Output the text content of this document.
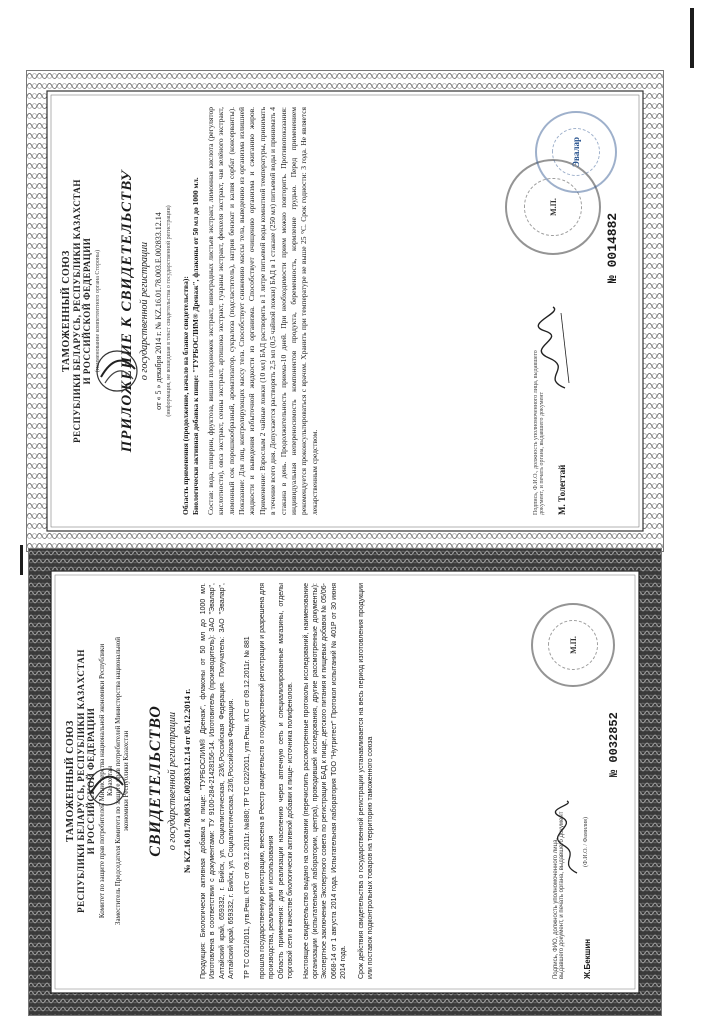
ТАМОЖЕННЫЙ СОЮЗ РЕСПУБЛИКИ БЕЛАРУСЬ, РЕСПУБЛИКИ КАЗАХСТАН И РОССИЙСКОЙ ФЕДЕРАЦИИ (наименование компетентного органа Стороны) ПРИЛОЖЕНИЕ К СВИДЕТЕЛЬСТВУ о государственной регистрации от « 5 » декабря 2014 г. № KZ.16.01.78.003.Е.002833.12.14 (информация, не вошедшая в текст свидетельства о государственной регистрации) Область применения (продолжение, начало на бланке свидетельства): Биологически активная добавка к пище: "ТУРБОСЛИМ® Дренаж", флаконы от 50 мл до 1000 мл. Состав: вода, глицерин, фруктоза, вишни плодоножек экстракт, виноградных листьев экстракт, лимонная кислота (регулятор кислотности), овса экстракт, сенны экстракт, артишока экстракт, гуараны экстракт, фенхеля экстракт, чая зелёного экстракт, лимонный сок порошкообразный, ароматизатор, сукралоза (подсластитель), натрия бензоат и калия сорбат (консерванты). Показание: Для лиц, контролирующих массу тела. Способствует снижению массы тела, выведению из организма излишней жидкости и выведения избыточной жидкости из организма. Способствует очищению организма и сжиганию жиров. Применение: Взрослым 2 чайные ложки (10 мл) БАД растворить в 1 литре питьевой воды комнатной температуры, принимать в течение всего дня. Допускается растворять 2,5 мл (0,5 чайной ложки) БАД в 1 стакане (250 мл) питьевой воды и принимать 4 стакана в день. Продолжительность приема-10 дней. При необходимости прием можно повторить. Противопоказания: индивидуальная непереносимость компонентов продукта, беременность, кормление грудью. Перед применением рекомендуется проконсультироваться с врачом. Хранить при температуре не выше 25 °С. Срок годности: 3 года. Не является лекарственным средством.	Подпись, Ф.И.О., должность уполномоченного лица, выдавшего документ, и печать органа, выдавшего документ М. Толегтай
М.П.
Эвалар
№ 0014882
ТАМОЖЕННЫЙ СОЮЗ РЕСПУБЛИКИ БЕЛАРУСЬ, РЕСПУБЛИКИ КАЗАХСТАН И РОССИЙСКОЙ ФЕДЕРАЦИИ Комитет по защите прав потребителей Министерства национальной экономики Республики Казахстан Заместитель Председателя Комитета по защите прав потребителей Министерства национальной экономики Республики Казахстан СВИДЕТЕЛЬСТВО о государственной регистрации № KZ.16.01.78.003.Е.002833.12.14 от 05.12.2014 г. Продукция: Биологически активная добавка к пище: "ТУРБОСЛИМ® Дренаж", флаконы от 50 мл до 1000 мл. Изготовлена в соответствии с документами: ТУ 9100-284-21428156-14. Изготовитель (производитель): ЗАО "Эвалар", Алтайский край, 659332, г. Бийск, ул. Социалистическая, 23/6,Российская Федерация. Получатель: ЗАО "Эвалар", Алтайский край, 659332, г. Бийск, ул. Социалистическая, 23/6,Российская Федерация. ТР ТС 021/2011, утв.Реш. КТС от 09.12.2011г. №880; ТР ТС 022/2011, утв.Реш. КТС от 09.12.2011г. № 881 прошла государственную регистрацию, внесена в Реестр свидетельств о государственной регистрации и разрешена для производства, реализации и использования Область применения: для реализации населению через аптечную сеть и специализированные магазины, отделы торговой сети в качестве биологически активной добавки к пище- источника полифенолов. Настоящее свидетельство выдано на основании (перечислить рассмотренные протоколы исследований, наименование организации (испытательной лаборатории, центра), проводившей исследования, другие рассмотренные документы): Экспертное заключение Экспертного совета по регистрации БАД к пище, детского питания и пищевых добавок № 05/06-0668-14 от 1 августа 2014 года. Испытательная лаборатория ТОО "Нутритест" Протокол испытаний № 401Р от 30 июня 2014 года. Срок действия свидетельства о государственной регистрации устанавливается на весь период изготовления продукции или поставок подконтрольных товаров на территорию таможенного союза	Подпись, ФИО, должность уполномоченного лица, выдавшего документ, и печать органа, выдавшего документ Ж.Бекшин
(Ф.И.О. / Фамилия)
М.П.
№ 0032852
